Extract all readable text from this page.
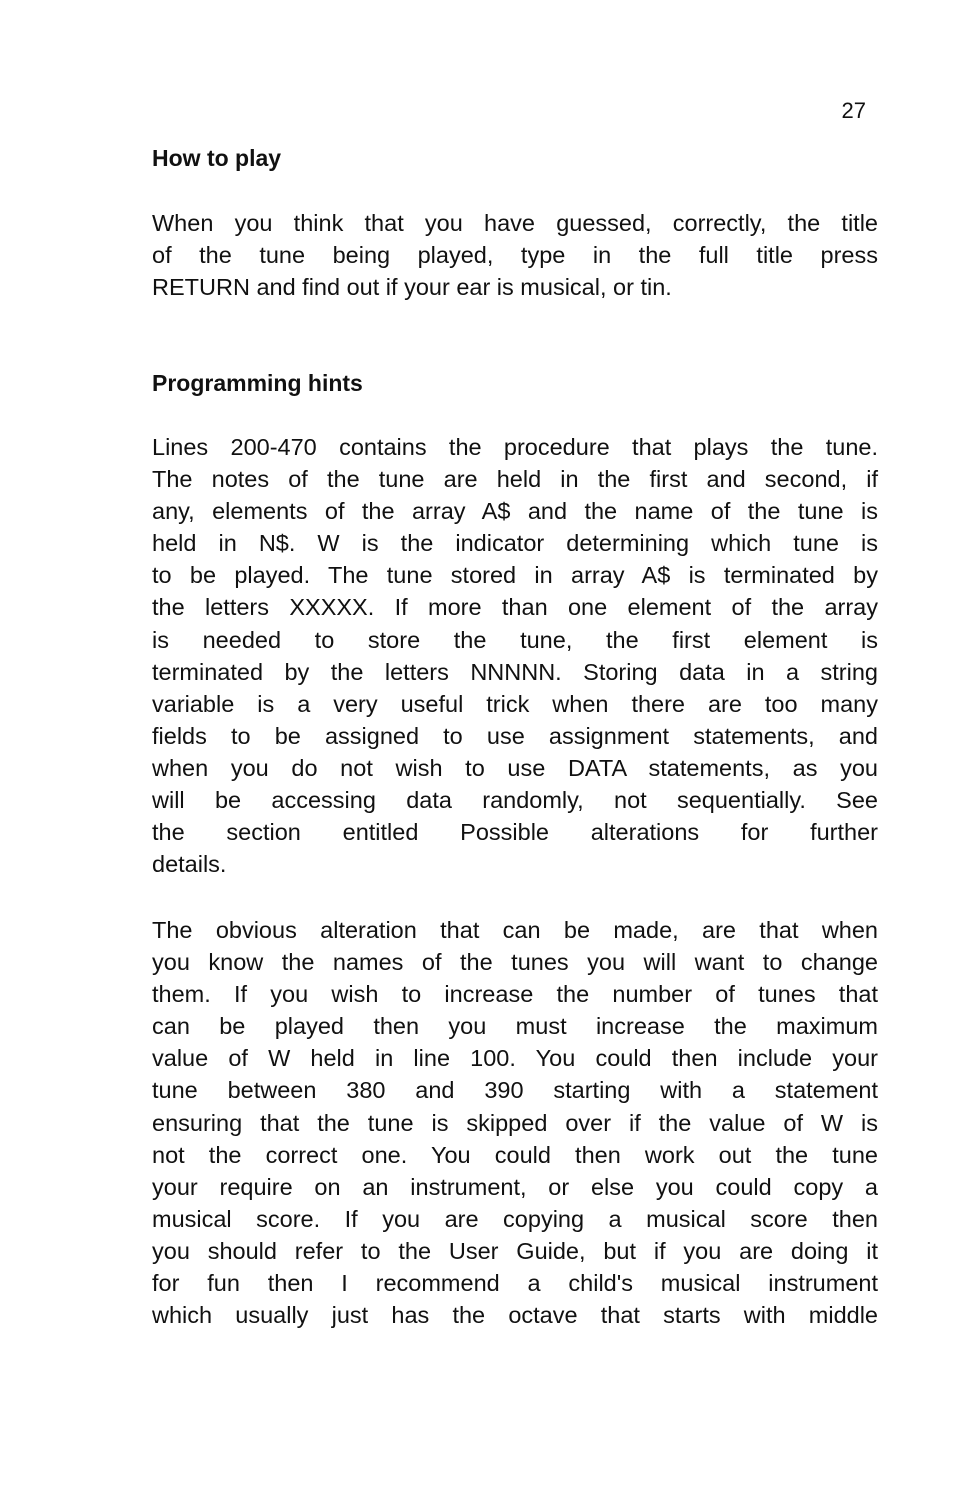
27
How to play
When you think that you have guessed, correctly, the title
of the tune being played, type in the full title press
RETURN and find out if your ear is musical, or tin.
Programming hints
Lines 200-470 contains the procedure that plays the tune.
The notes of the tune are held in the first and second, if
any, elements of the array A$ and the name of the tune is
held in N$. W is the indicator determining which tune is
to be played. The tune stored in array A$ is terminated by
the letters XXXXX. If more than one element of the array
is needed to store the tune, the first element is
terminated by the letters NNNNN. Storing data in a string
variable is a very useful trick when there are too many
fields to be assigned to use assignment statements, and
when you do not wish to use DATA statements, as you
will be accessing data randomly, not sequentially. See
the section entitled Possible alterations for further
details.
The obvious alteration that can be made, are that when
you know the names of the tunes you will want to change
them. If you wish to increase the number of tunes that
can be played then you must increase the maximum
value of W held in line 100. You could then include your
tune between 380 and 390 starting with a statement
ensuring that the tune is skipped over if the value of W is
not the correct one. You could then work out the tune
your require on an instrument, or else you could copy a
musical score. If you are copying a musical score then
you should refer to the User Guide, but if you are doing it
for fun then I recommend a child's musical instrument
which usually just has the octave that starts with middle
